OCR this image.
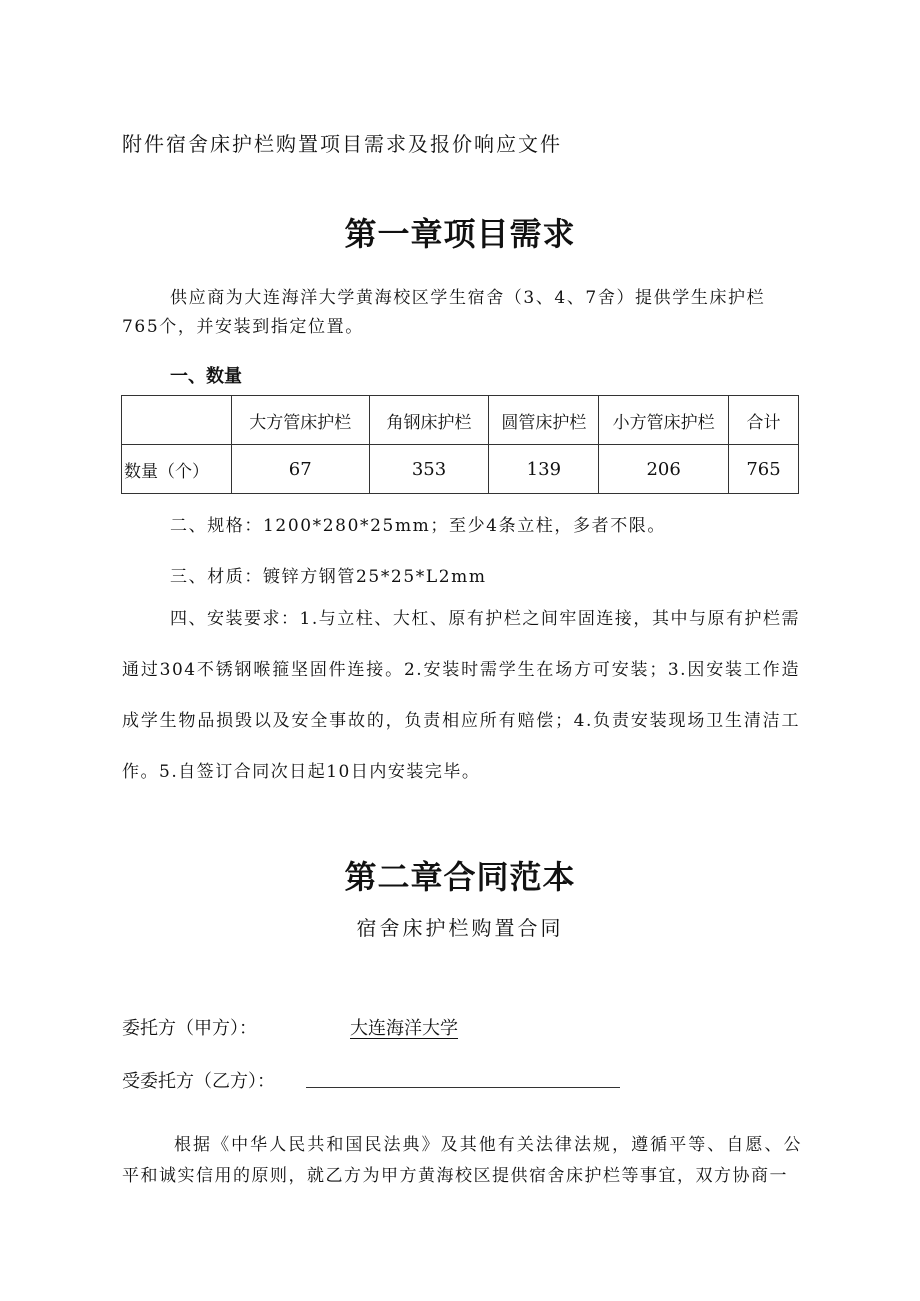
附件宿舍床护栏购置项目需求及报价响应文件
第一章项目需求
供应商为大连海洋大学黄海校区学生宿舍（3、4、7舍）提供学生床护栏
765个，并安装到指定位置。
一、数量
	大方管床护栏	角钢床护栏	圆管床护栏	小方管床护栏	合计
数量（个）	67	353	139	206	765
二、规格：1200*280*25mm；至少4条立柱，多者不限。
三、材质：镀锌方钢管25*25*L2mm
四、安装要求：1.与立柱、大杠、原有护栏之间牢固连接，其中与原有护栏需通过304不锈钢喉箍坚固件连接。2.安装时需学生在场方可安装；3.因安装工作造成学生物品损毁以及安全事故的，负责相应所有赔偿；4.负责安装现场卫生清洁工作。5.自签订合同次日起10日内安装完毕。
第二章合同范本
宿舍床护栏购置合同
委托方（甲方）：	大连海洋大学
受委托方（乙方）：
根据《中华人民共和国民法典》及其他有关法律法规，遵循平等、自愿、公平和诚实信用的原则，就乙方为甲方黄海校区提供宿舍床护栏等事宜，双方协商一
